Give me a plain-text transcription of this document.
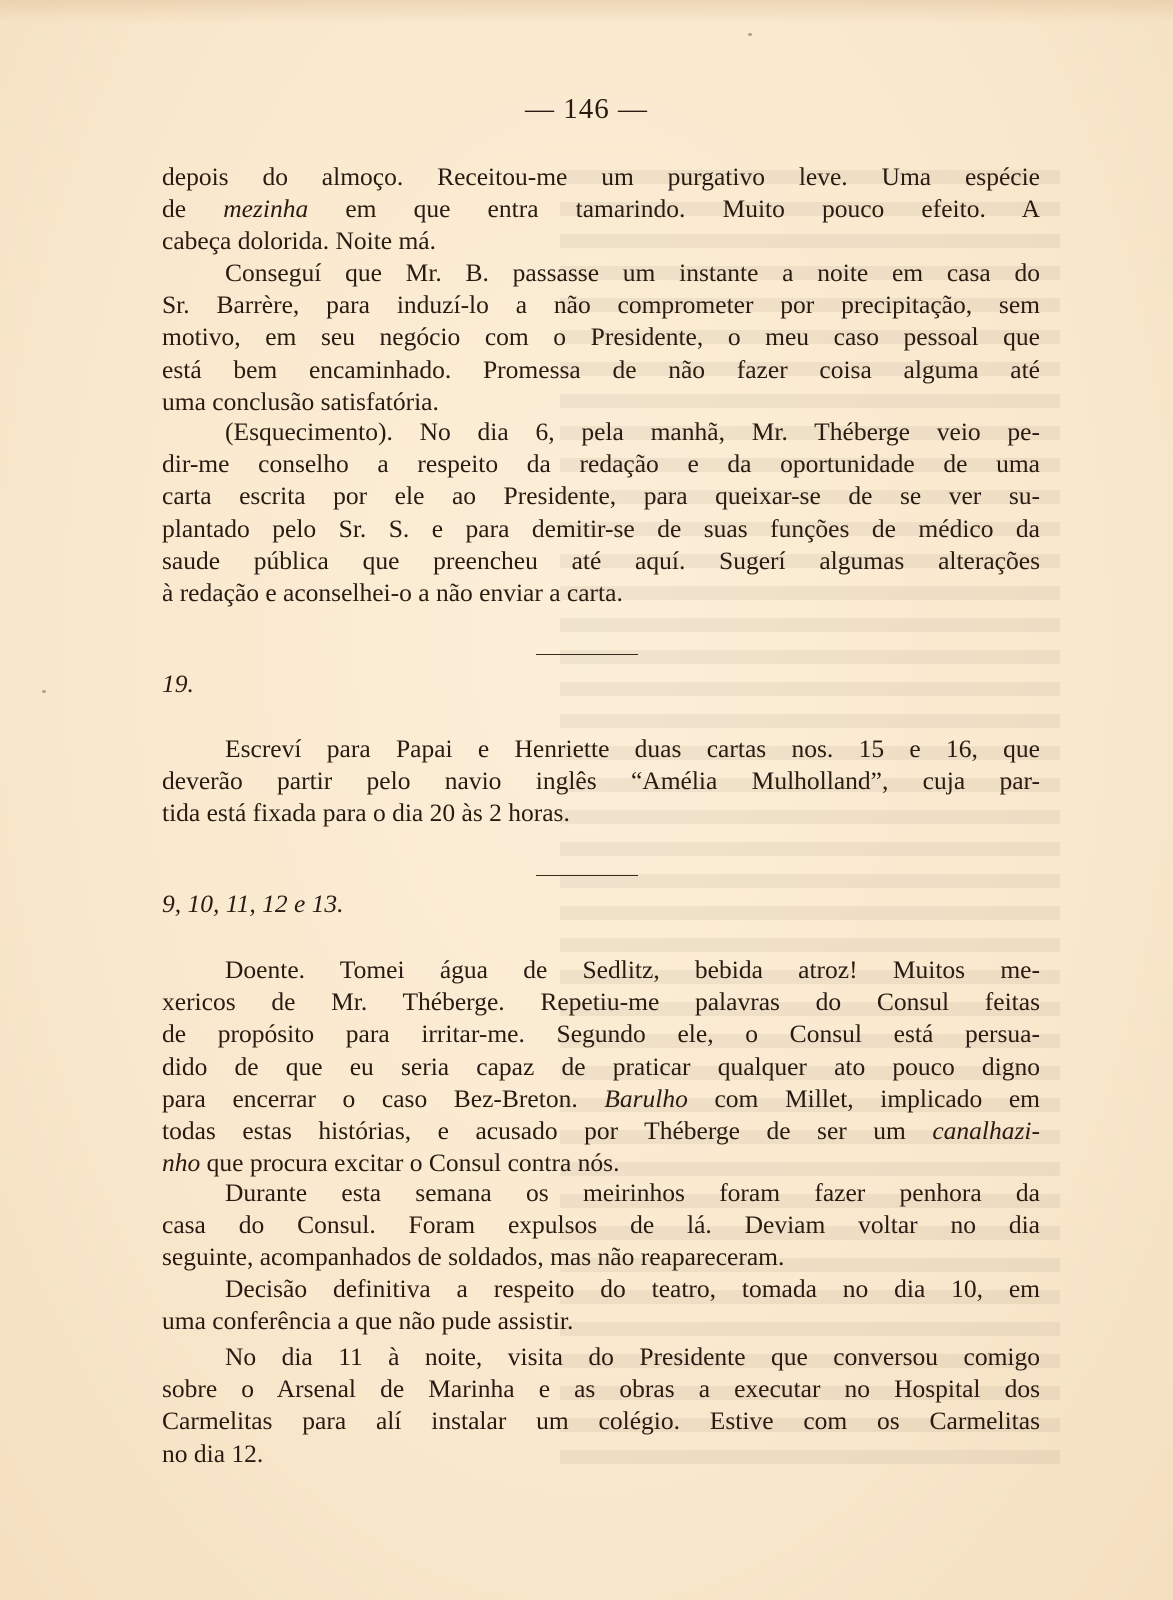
— 146 —
depois do almoço. Receitou-me um purgativo leve. Uma espécie
de mezinha em que entra tamarindo. Muito pouco efeito. A
cabeça dolorida. Noite má.
Conseguí que Mr. B. passasse um instante a noite em casa do
Sr. Barrère, para induzí-lo a não comprometer por precipitação, sem
motivo, em seu negócio com o Presidente, o meu caso pessoal que
está bem encaminhado. Promessa de não fazer coisa alguma até
uma conclusão satisfatória.
(Esquecimento). No dia 6, pela manhã, Mr. Théberge veio pe-
dir-me conselho a respeito da redação e da oportunidade de uma
carta escrita por ele ao Presidente, para queixar-se de se ver su-
plantado pelo Sr. S. e para demitir-se de suas funções de médico da
saude pública que preencheu até aquí. Sugerí algumas alterações
à redação e aconselhei-o a não enviar a carta.
19.
Escreví para Papai e Henriette duas cartas nos. 15 e 16, que
deverão partir pelo navio inglês “Amélia Mulholland”, cuja par-
tida está fixada para o dia 20 às 2 horas.
9, 10, 11, 12 e 13.
Doente. Tomei água de Sedlitz, bebida atroz! Muitos me-
xericos de Mr. Théberge. Repetiu-me palavras do Consul feitas
de propósito para irritar-me. Segundo ele, o Consul está persua-
dido de que eu seria capaz de praticar qualquer ato pouco digno
para encerrar o caso Bez-Breton. Barulho com Millet, implicado em
todas estas histórias, e acusado por Théberge de ser um canalhazi-
nho que procura excitar o Consul contra nós.
Durante esta semana os meirinhos foram fazer penhora da
casa do Consul. Foram expulsos de lá. Deviam voltar no dia
seguinte, acompanhados de soldados, mas não reapareceram.
Decisão definitiva a respeito do teatro, tomada no dia 10, em
uma conferência a que não pude assistir.
No dia 11 à noite, visita do Presidente que conversou comigo
sobre o Arsenal de Marinha e as obras a executar no Hospital dos
Carmelitas para alí instalar um colégio. Estive com os Carmelitas
no dia 12.
